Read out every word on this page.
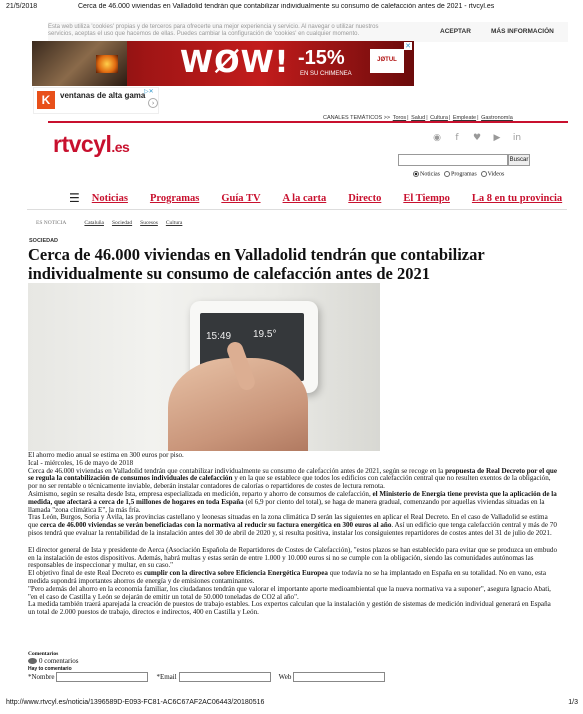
21/5/2018	Cerca de 46.000 viviendas en Valladolid tendrán que contabilizar individualmente su consumo de calefacción antes de 2021 - rtvcyl.es
Esta web utiliza 'cookies' propias y de terceros para ofrecerte una mejor experiencia y servicio. Al navegar o utilizar nuestros servicios, aceptas el uso que hacemos de ellas. Puedes cambiar la configuración de 'cookies' en cualquier momento.	ACEPTAR	MÁS INFORMACIÓN
WØW! -15%
EN SU CHIMENEA
JØTUL
✕
K	ventanas de alta gama
▷✕
›
CANALES TEMÁTICOS >> Toros| Salud| Cultura| Empleate| Gastronomía
rtvcyl.es
◉	f	♥ ▶ in
Buscar
Noticias	Programas	Videos
☰ Noticias Programas Guía TV A la carta Directo El Tiempo La 8 en tu provincia
ES NOTICIA	Cataluña Sociedad Sucesos Cultura
SOCIEDAD
Cerca de 46.000 viviendas en Valladolid tendrán que contabilizar individualmente su consumo de calefacción antes de 2021
15:49 19.5°

El ahorro medio anual se estima en 300 euros por piso.

Ical - miércoles, 16 de mayo de 2018

Cerca de 46.000 viviendas en Valladolid tendrán que contabilizar individualmente su consumo de calefacción antes de 2021, según se recoge en la propuesta de Real Decreto por el que se regula la contabilización de consumos individuales de calefacción y en la que se establece que todos los edificios con calefacción central que no resulten exentos de la obligación, por no ser rentable o técnicamente inviable, deberán instalar contadores de calorías o repartidores de costes de lectura remota.

Asimismo, según se resalta desde Ista, empresa especializada en medición, reparto y ahorro de consumos de calefacción, el Ministerio de Energía tiene prevista que la aplicación de la medida, que afectará a cerca de 1,5 millones de hogares en toda España (el 6,9 por ciento del total), se haga de manera gradual, comenzando por aquellas viviendas situadas en la llamada "zona climática E", la más fría.

Tras León, Burgos, Soria y Ávila, las provincias castellano y leonesas situadas en la zona climática D serán las siguientes en aplicar el Real Decreto. En el caso de Valladolid se estima que cerca de 46.000 viviendas se verán beneficiadas con la normativa al reducir su factura energética en 300 euros al año. Así un edificio que tenga calefacción central y más de 70 pisos tendrá que evaluar la rentabilidad de la instalación antes del 30 de abril de 2020 y, si resulta positiva, instalar los consiguientes repartidores de costes antes del 31 de julio de 2021.

El director general de Ista y presidente de Aerca (Asociación Española de Repartidores de Costes de Calefacción), "estos plazos se han establecido para evitar que se produzca un embudo en la instalación de estos dispositivos. Además, habrá multas y estas serán de entre 1.000 y 10.000 euros si no se cumple con la obligación, siendo las comunidades autónomas las responsables de inspeccionar y multar, en su caso."

El objetivo final de este Real Decreto es cumplir con la directiva sobre Eficiencia Energética Europea que todavía no se ha implantado en España en su totalidad. No en vano, esta medida supondrá importantes ahorros de energía y de emisiones contaminantes.

"Pero además del ahorro en la economía familiar, los ciudadanos tendrán que valorar el importante aporte medioambiental que la nueva normativa va a suponer", asegura Ignacio Abati, "en el caso de Castilla y León se dejarán de emitir un total de 50.000 toneladas de CO2 al año".

La medida también traerá aparejada la creación de puestos de trabajo estables. Los expertos calculan que la instalación y gestión de sistemas de medición individual generará en España un total de 2.000 puestos de trabajo, directos e indirectos, 400 en Castilla y León.

Comentarios
0 comentarios
Hay to comentario
*Nombre	*Email	Web
http://www.rtvcyl.es/noticia/1396589D-E093-FC81-AC6C67AF2AC06443/20180516	1/3
